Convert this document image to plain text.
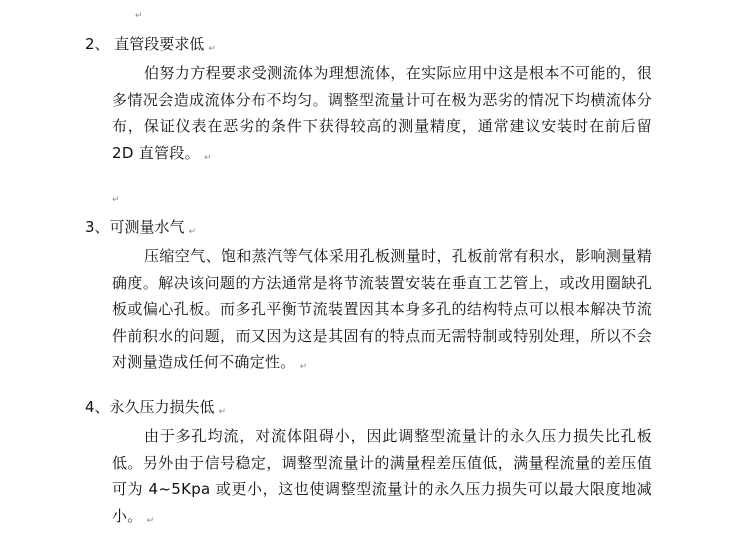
↵
2、 直管段要求低 ↵

伯努力方程要求受测流体为理想流体，在实际应用中这是根本不可能的，很多情况会造成流体分布不均匀。调整型流量计可在极为恶劣的情况下均横流体分布，保证仪表在恶劣的条件下获得较高的测量精度，通常建议安装时在前后留 2D 直管段。 ↵

↵
3、可测量水气 ↵

压缩空气、饱和蒸汽等气体采用孔板测量时，孔板前常有积水，影响测量精确度。解决该问题的方法通常是将节流装置安装在垂直工艺管上，或改用圈缺孔板或偏心孔板。而多孔平衡节流装置因其本身多孔的结构特点可以根本解决节流件前积水的问题，而又因为这是其固有的特点而无需特制或特别处理，所以不会对测量造成任何不确定性。 ↵

4、永久压力损失低 ↵

由于多孔均流，对流体阻碍小，因此调整型流量计的永久压力损失比孔板低。另外由于信号稳定，调整型流量计的满量程差压值低，满量程流量的差压值可为 4~5Kpa 或更小，这也使调整型流量计的永久压力损失可以最大限度地减小。 ↵
